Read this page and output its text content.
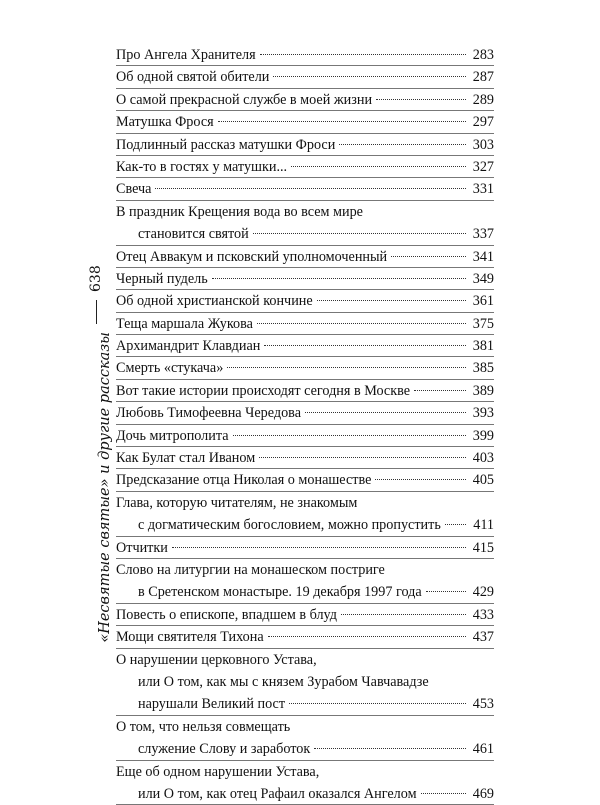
638
«Несвятые святые» и другие рассказы
Про Ангела Хранителя	283
Об одной святой обители	287
О самой прекрасной службе в моей жизни	289
Матушка Фрося	297
Подлинный рассказ матушки Фроси	303
Как-то в гостях у матушки...	327
Свеча	331
В праздник Крещения вода во всем мире
становится святой	337
Отец Аввакум и псковский уполномоченный	341
Черный пудель	349
Об одной христианской кончине	361
Теща маршала Жукова	375
Архимандрит Клавдиан	381
Смерть «стукача»	385
Вот такие истории происходят сегодня в Москве	389
Любовь Тимофеевна Чередова	393
Дочь митрополита	399
Как Булат стал Иваном	403
Предсказание отца Николая о монашестве	405
Глава, которую читателям, не знакомым
с догматическим богословием, можно пропустить 411
Отчитки	415
Слово на литургии на монашеском постриге
в Сретенском монастыре. 19 декабря 1997 года	429
Повесть о епископе, впадшем в блуд	433
Мощи святителя Тихона	437
О нарушении церковного Устава,
или О том, как мы с князем Зурабом Чавчавадзе
нарушали Великий пост	453
О том, что нельзя совмещать
служение Слову и заработок	461
Еще об одном нарушении Устава,
или О том, как отец Рафаил оказался Ангелом	469
